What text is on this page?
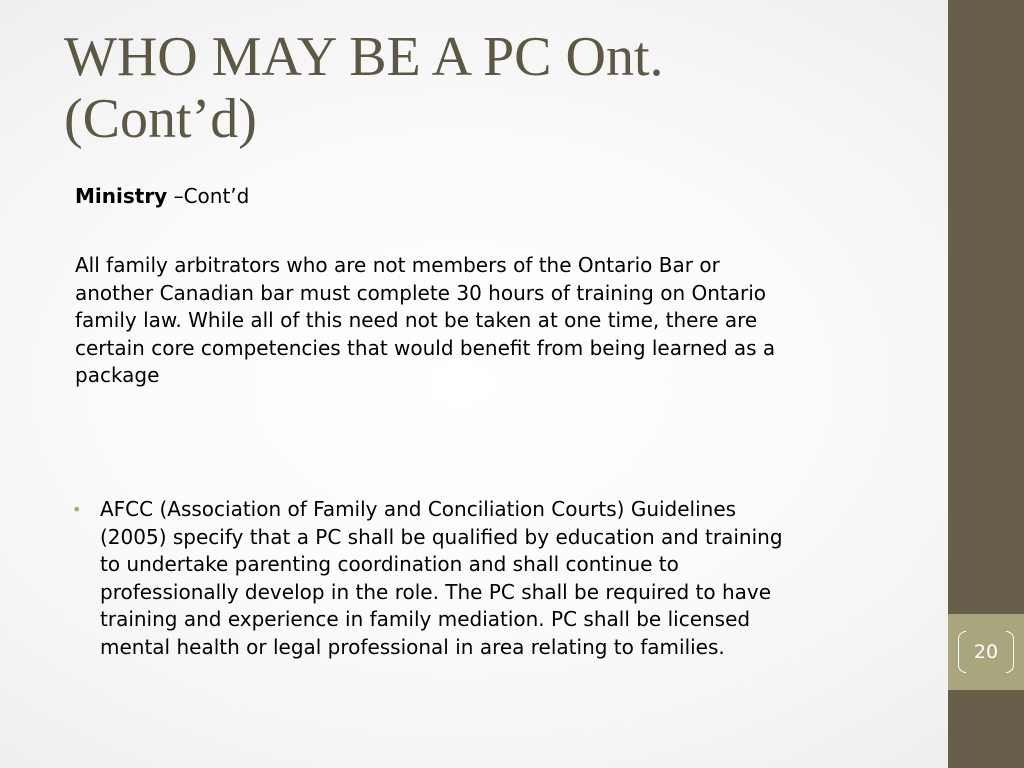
20
WHO MAY BE A PC Ont.
(Cont’d)
Ministry –Cont’d
All family arbitrators who are not members of the Ontario Bar or
another Canadian bar must complete 30 hours of training on Ontario
family law. While all of this need not be taken at one time, there are
certain core competencies that would benefit from being learned as a
package
• AFCC (Association of Family and Conciliation Courts) Guidelines
(2005) specify that a PC shall be qualified by education and training
to undertake parenting coordination and shall continue to
professionally develop in the role. The PC shall be required to have
training and experience in family mediation. PC shall be licensed
mental health or legal professional in area relating to families.
